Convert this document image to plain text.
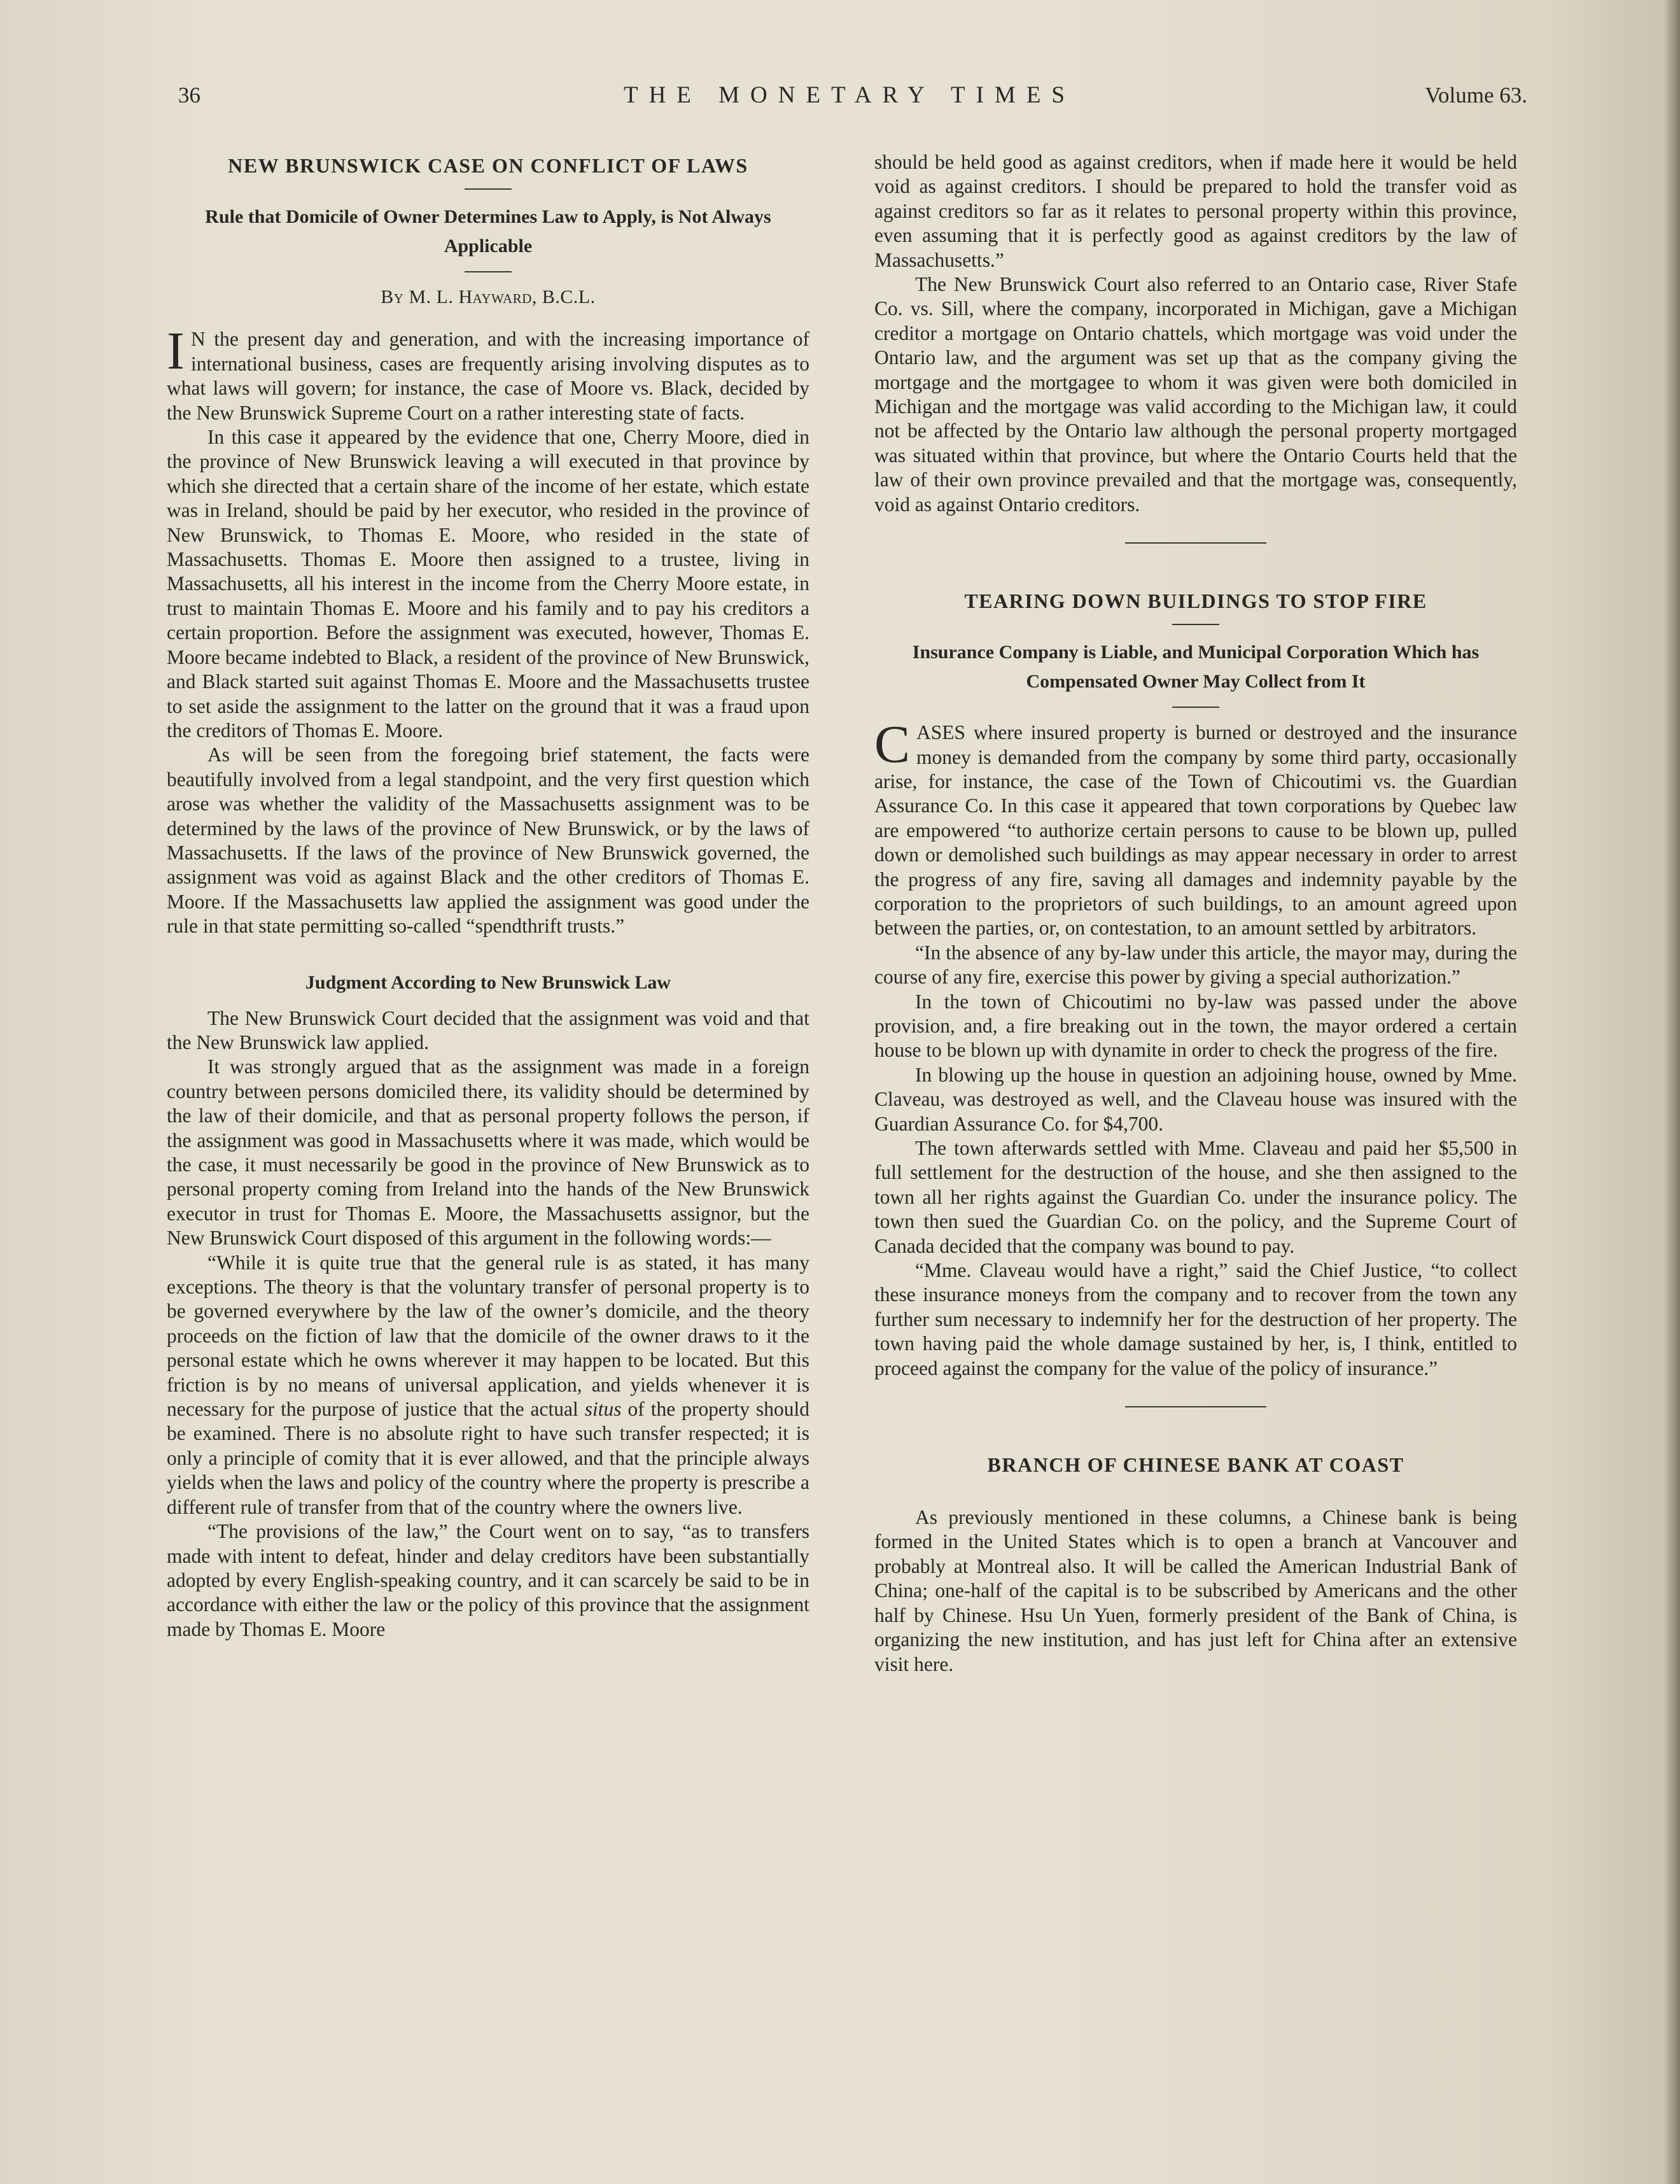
36	THE MONETARY TIMES	Volume 63.
NEW BRUNSWICK CASE ON CONFLICT OF LAWS
Rule that Domicile of Owner Determines Law to Apply, is Not Always Applicable
By M. L. Hayward, B.C.L.

I N the present day and generation, and with the increasing importance of international business, cases are frequently arising involving disputes as to what laws will govern; for instance, the case of Moore vs. Black, decided by the New Brunswick Supreme Court on a rather interesting state of facts.

In this case it appeared by the evidence that one, Cherry Moore, died in the province of New Brunswick leaving a will executed in that province by which she directed that a certain share of the income of her estate, which estate was in Ireland, should be paid by her executor, who resided in the province of New Brunswick, to Thomas E. Moore, who resided in the state of Massachusetts. Thomas E. Moore then assigned to a trustee, living in Massachusetts, all his interest in the income from the Cherry Moore estate, in trust to maintain Thomas E. Moore and his family and to pay his creditors a certain proportion. Before the assignment was executed, however, Thomas E. Moore became indebted to Black, a resident of the province of New Brunswick, and Black started suit against Thomas E. Moore and the Massachusetts trustee to set aside the assignment to the latter on the ground that it was a fraud upon the creditors of Thomas E. Moore.

As will be seen from the foregoing brief statement, the facts were beautifully involved from a legal standpoint, and the very first question which arose was whether the validity of the Massachusetts assignment was to be determined by the laws of the province of New Brunswick, or by the laws of Massachusetts. If the laws of the province of New Brunswick governed, the assignment was void as against Black and the other creditors of Thomas E. Moore. If the Massachusetts law applied the assignment was good under the rule in that state permitting so-called “spendthrift trusts.”

Judgment According to New Brunswick Law

The New Brunswick Court decided that the assignment was void and that the New Brunswick law applied.

It was strongly argued that as the assignment was made in a foreign country between persons domiciled there, its validity should be determined by the law of their domicile, and that as personal property follows the person, if the assignment was good in Massachusetts where it was made, which would be the case, it must necessarily be good in the province of New Brunswick as to personal property coming from Ireland into the hands of the New Brunswick executor in trust for Thomas E. Moore, the Massachusetts assignor, but the New Brunswick Court disposed of this argument in the following words:—

“While it is quite true that the general rule is as stated, it has many exceptions. The theory is that the voluntary transfer of personal property is to be governed everywhere by the law of the owner’s domicile, and the theory proceeds on the fiction of law that the domicile of the owner draws to it the personal estate which he owns wherever it may happen to be located. But this friction is by no means of universal application, and yields whenever it is necessary for the purpose of justice that the actual situs of the property should be examined. There is no absolute right to have such transfer respected; it is only a principle of comity that it is ever allowed, and that the principle always yields when the laws and policy of the country where the property is prescribe a different rule of transfer from that of the country where the owners live.

“The provisions of the law,” the Court went on to say, “as to transfers made with intent to defeat, hinder and delay creditors have been substantially adopted by every English-speaking country, and it can scarcely be said to be in accordance with either the law or the policy of this province that the assignment made by Thomas E. Moore

should be held good as against creditors, when if made here it would be held void as against creditors. I should be prepared to hold the transfer void as against creditors so far as it relates to personal property within this province, even assuming that it is perfectly good as against creditors by the law of Massachusetts.”

The New Brunswick Court also referred to an Ontario case, River Stafe Co. vs. Sill, where the company, incorporated in Michigan, gave a Michigan creditor a mortgage on Ontario chattels, which mortgage was void under the Ontario law, and the argument was set up that as the company giving the mortgage and the mortgagee to whom it was given were both domiciled in Michigan and the mortgage was valid according to the Michigan law, it could not be affected by the Ontario law although the personal property mortgaged was situated within that province, but where the Ontario Courts held that the law of their own province prevailed and that the mortgage was, consequently, void as against Ontario creditors.

TEARING DOWN BUILDINGS TO STOP FIRE
Insurance Company is Liable, and Municipal Corporation Which has Compensated Owner May Collect from It

CASES where insured property is burned or destroyed and the insurance money is demanded from the company by some third party, occasionally arise, for instance, the case of the Town of Chicoutimi vs. the Guardian Assurance Co. In this case it appeared that town corporations by Quebec law are empowered “to authorize certain persons to cause to be blown up, pulled down or demolished such buildings as may appear necessary in order to arrest the progress of any fire, saving all damages and indemnity payable by the corporation to the proprietors of such buildings, to an amount agreed upon between the parties, or, on contestation, to an amount settled by arbitrators.

“In the absence of any by-law under this article, the mayor may, during the course of any fire, exercise this power by giving a special authorization.”

In the town of Chicoutimi no by-law was passed under the above provision, and, a fire breaking out in the town, the mayor ordered a certain house to be blown up with dynamite in order to check the progress of the fire.

In blowing up the house in question an adjoining house, owned by Mme. Claveau, was destroyed as well, and the Claveau house was insured with the Guardian Assurance Co. for $4,700.

The town afterwards settled with Mme. Claveau and paid her $5,500 in full settlement for the destruction of the house, and she then assigned to the town all her rights against the Guardian Co. under the insurance policy. The town then sued the Guardian Co. on the policy, and the Supreme Court of Canada decided that the company was bound to pay.

“Mme. Claveau would have a right,” said the Chief Justice, “to collect these insurance moneys from the company and to recover from the town any further sum necessary to indemnify her for the destruction of her property. The town having paid the whole damage sustained by her, is, I think, entitled to proceed against the company for the value of the policy of insurance.”

BRANCH OF CHINESE BANK AT COAST

As previously mentioned in these columns, a Chinese bank is being formed in the United States which is to open a branch at Vancouver and probably at Montreal also. It will be called the American Industrial Bank of China; one-half of the capital is to be subscribed by Americans and the other half by Chinese. Hsu Un Yuen, formerly president of the Bank of China, is organizing the new institution, and has just left for China after an extensive visit here.
